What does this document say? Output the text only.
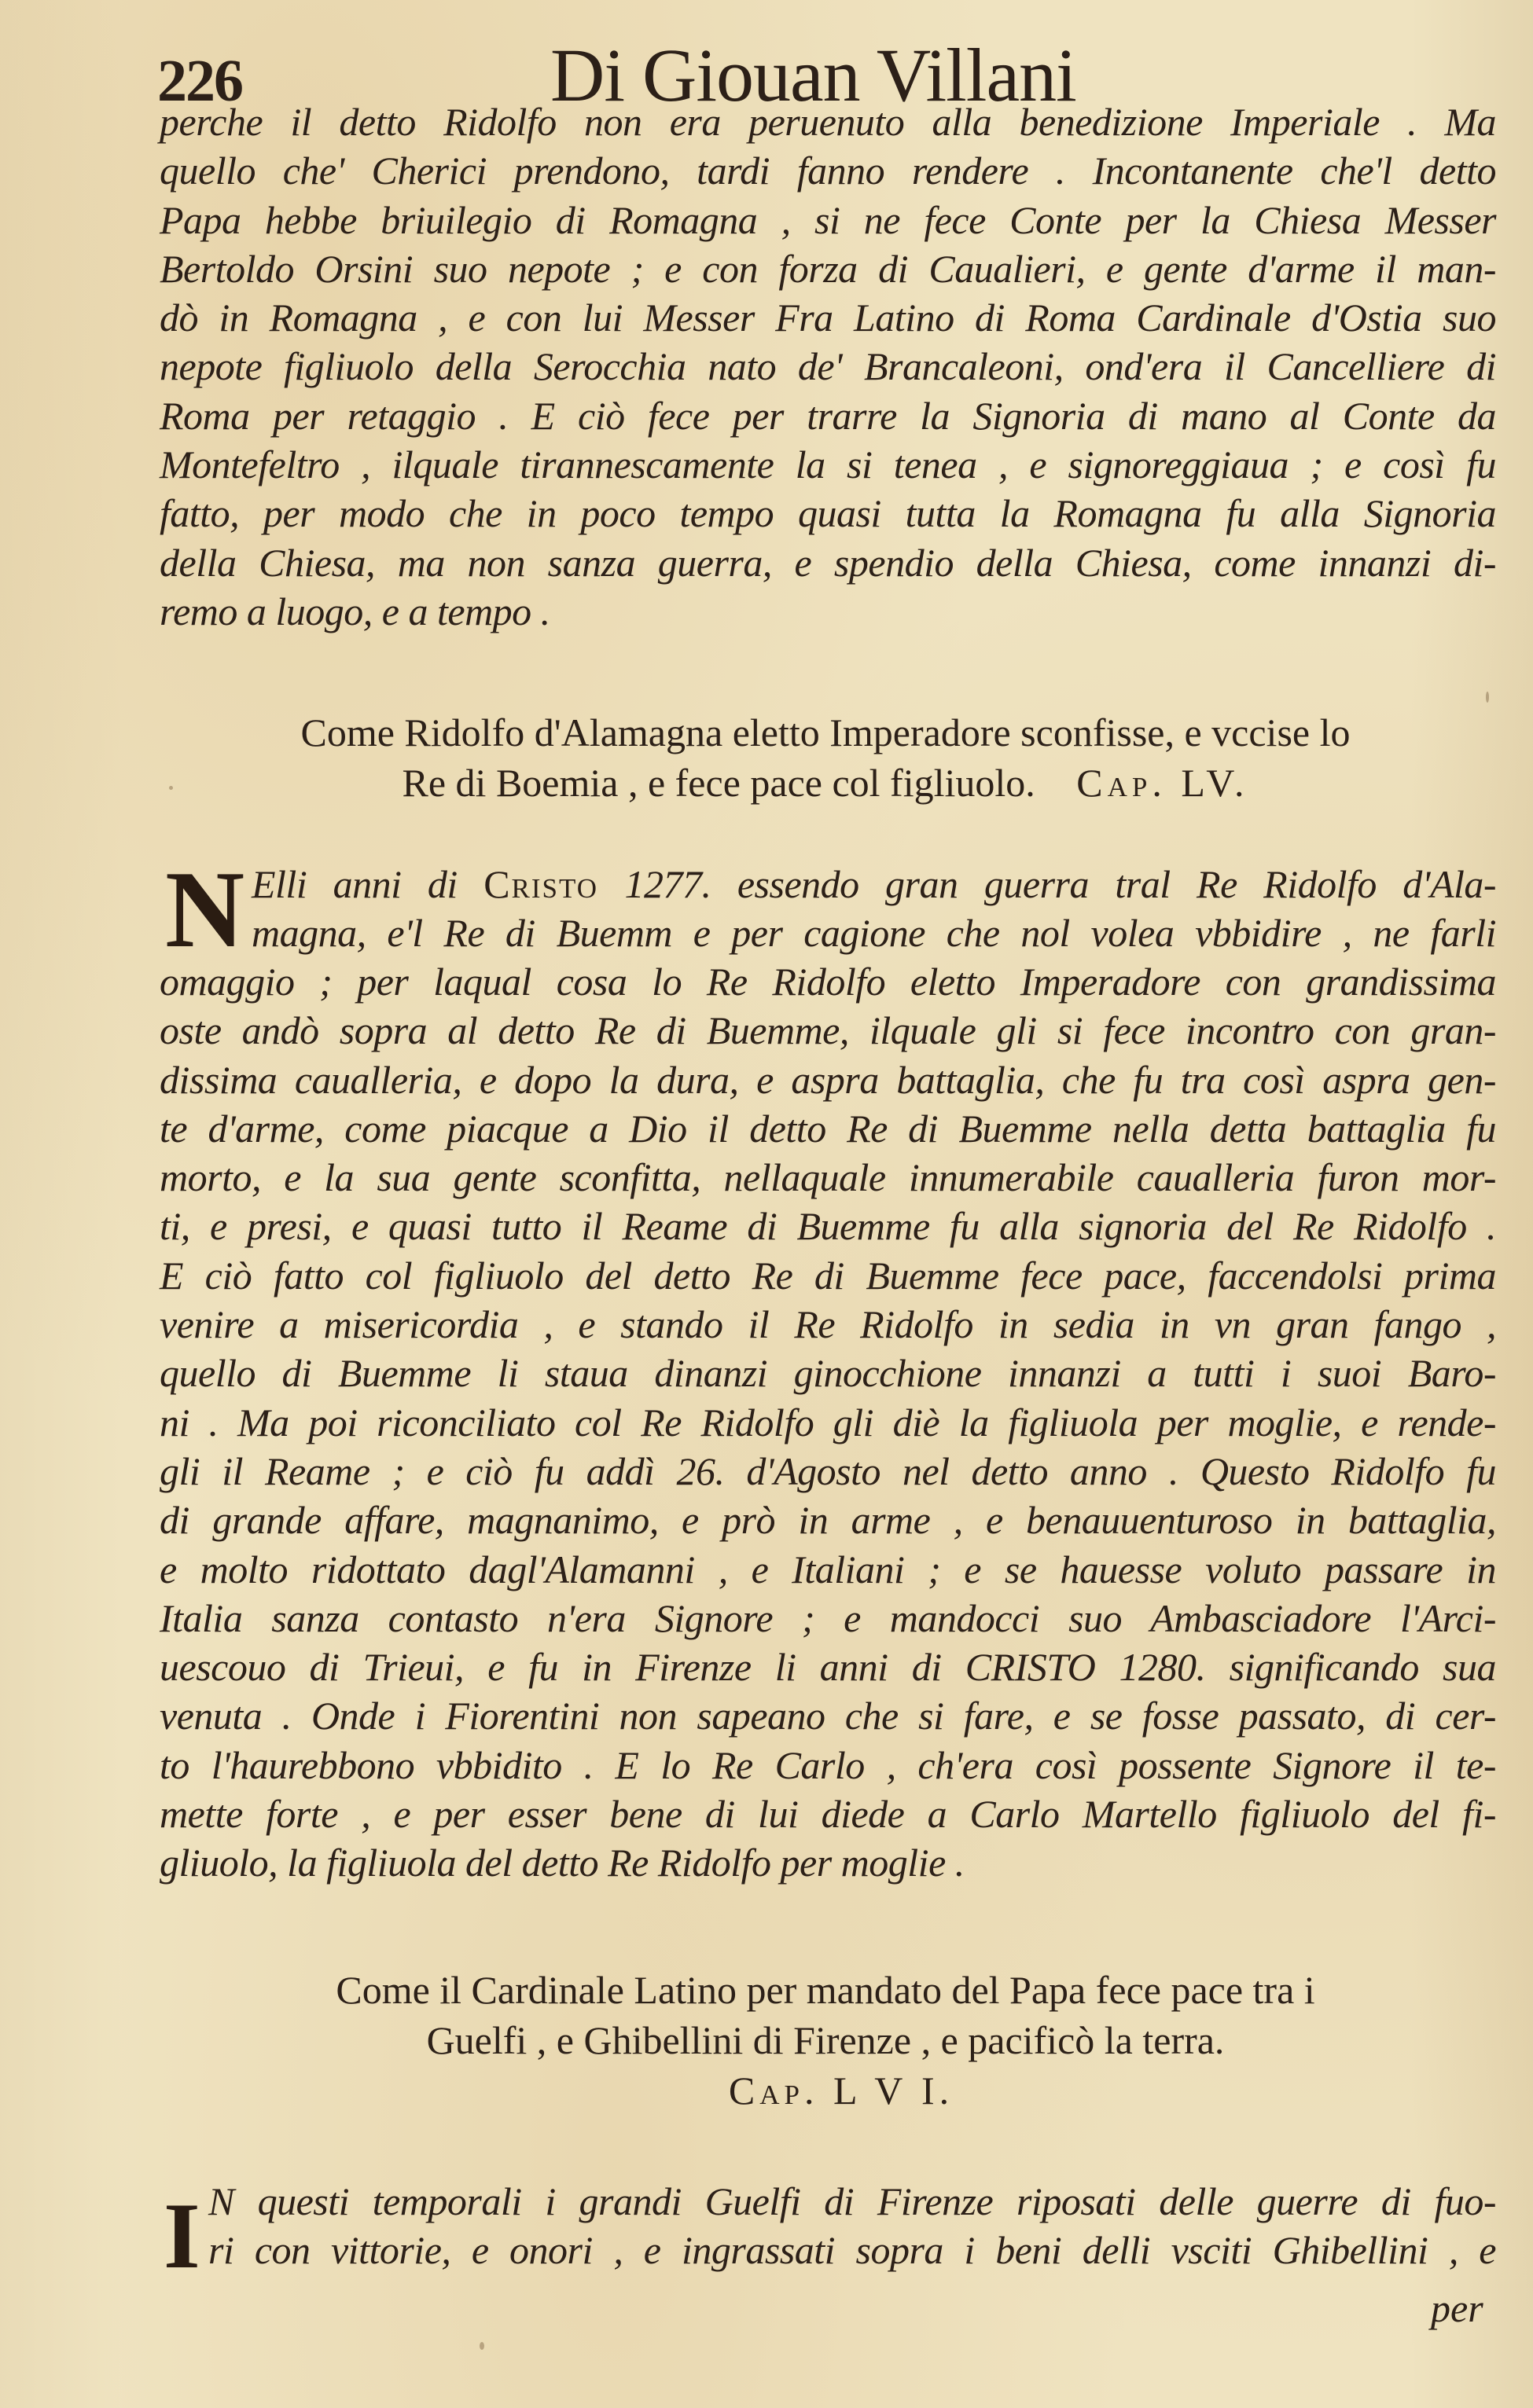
226	Di Giouan Villani
perche il detto Ridolfo non era peruenuto alla benedizione Imperiale . Ma
quello che' Cherici prendono, tardi fanno rendere . Incontanente che'l detto
Papa hebbe briuilegio di Romagna , si ne fece Conte per la Chiesa Messer
Bertoldo Orsini suo nepote ; e con forza di Caualieri, e gente d'arme il man-
dò in Romagna , e con lui Messer Fra Latino di Roma Cardinale d'Ostia suo
nepote figliuolo della Serocchia nato de' Brancaleoni, ond'era il Cancelliere di
Roma per retaggio . E ciò fece per trarre la Signoria di mano al Conte da
Montefeltro , ilquale tirannescamente la si tenea , e signoreggiaua ; e così fu
fatto, per modo che in poco tempo quasi tutta la Romagna fu alla Signoria
della Chiesa, ma non sanza guerra, e spendio della Chiesa, come innanzi di-
remo a luogo, e a tempo .
Come Ridolfo d'Alamagna eletto Imperadore sconfisse, e vccise lo
Re di Boemia , e fece pace col figliuolo. Cap. LV.
N Elli anni di Cristo 1277. essendo gran guerra tral Re Ridolfo d'Ala-
magna, e'l Re di Buemm e per cagione che nol volea vbbidire , ne farli
omaggio ; per laqual cosa lo Re Ridolfo eletto Imperadore con grandissima
oste andò sopra al detto Re di Buemme, ilquale gli si fece incontro con gran-
dissima caualleria, e dopo la dura, e aspra battaglia, che fu tra così aspra gen-
te d'arme, come piacque a Dio il detto Re di Buemme nella detta battaglia fu
morto, e la sua gente sconfitta, nellaquale innumerabile caualleria furon mor-
ti, e presi, e quasi tutto il Reame di Buemme fu alla signoria del Re Ridolfo .
E ciò fatto col figliuolo del detto Re di Buemme fece pace, faccendolsi prima
venire a misericordia , e stando il Re Ridolfo in sedia in vn gran fango ,
quello di Buemme li staua dinanzi ginocchione innanzi a tutti i suoi Baro-
ni . Ma poi riconciliato col Re Ridolfo gli diè la figliuola per moglie, e rende-
gli il Reame ; e ciò fu addì 26. d'Agosto nel detto anno . Questo Ridolfo fu
di grande affare, magnanimo, e prò in arme , e benauuenturoso in battaglia,
e molto ridottato dagl'Alamanni , e Italiani ; e se hauesse voluto passare in
Italia sanza contasto n'era Signore ; e mandocci suo Ambasciadore l'Arci-
uescouo di Trieui, e fu in Firenze li anni di CRISTO 1280. significando sua
venuta . Onde i Fiorentini non sapeano che si fare, e se fosse passato, di cer-
to l'haurebbono vbbidito . E lo Re Carlo , ch'era così possente Signore il te-
mette forte , e per esser bene di lui diede a Carlo Martello figliuolo del fi-
gliuolo, la figliuola del detto Re Ridolfo per moglie .
Come il Cardinale Latino per mandato del Papa fece pace tra i
Guelfi , e Ghibellini di Firenze , e pacificò la terra.
Cap. L V I.
I N questi temporali i grandi Guelfi di Firenze riposati delle guerre di fuo-
ri con vittorie, e onori , e ingrassati sopra i beni delli vsciti Ghibellini , e
per
